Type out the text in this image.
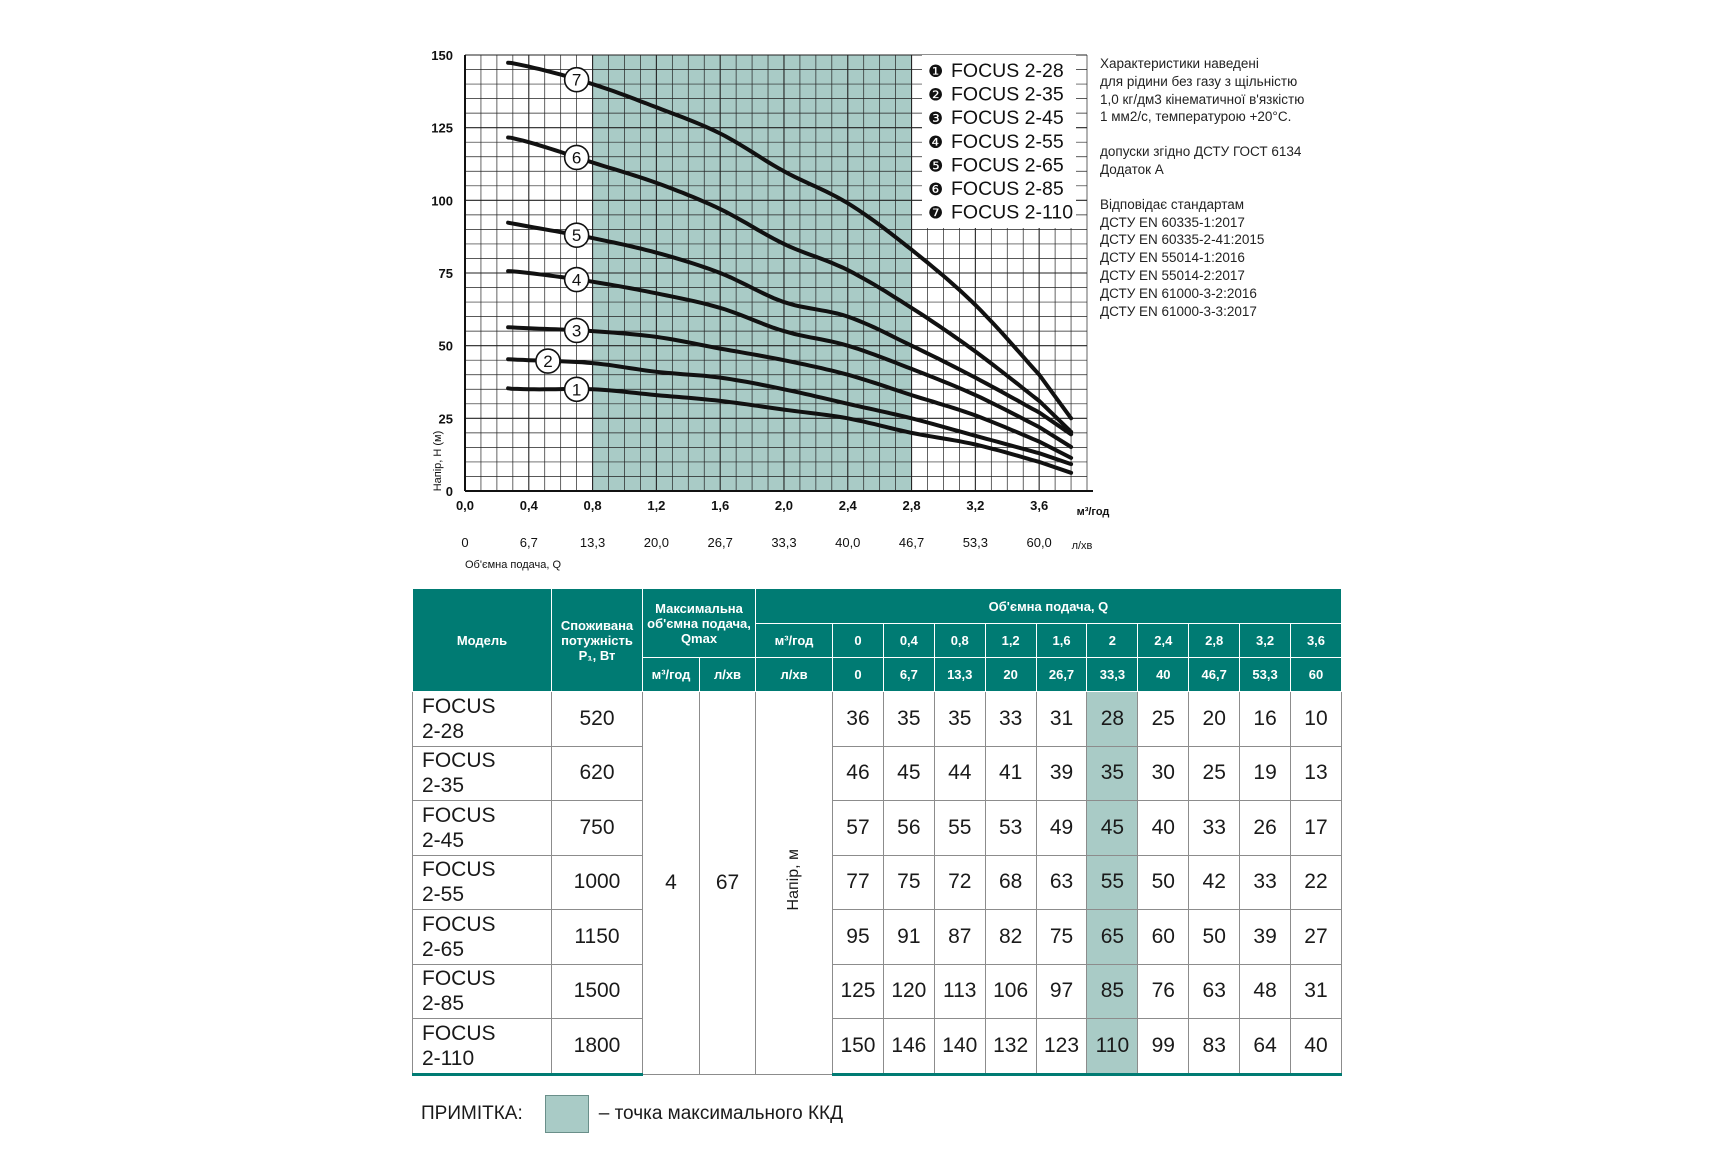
1
2
3
4
5
6
7	❶ FOCUS 2-28
❷ FOCUS 2-35
❸ FOCUS 2-45
❹ FOCUS 2-55
❺ FOCUS 2-65
❻ FOCUS 2-85
❼ FOCUS 2-110
0
25
50
75
100
125
150
Напір, Н (м)
0,0	0,4	0,8	1,2	1,6	2,0	2,4	2,8	3,2	3,6	м³/год
0	6,7	13,3	20,0	26,7	33,3	40,0	46,7	53,3	60,0 л/хв
Об'ємна подача, Q
Характеристики наведені
для рідини без газу з щільністю
1,0 кг/дм3 кінематичної в'язкістю
1 мм2/с, температурою +20°C.
допуски згідно ДСТУ ГОСТ 6134
Додаток А
Відповідає стандартам
ДСТУ EN 60335-1:2017
ДСТУ EN 60335-2-41:2015
ДСТУ EN 55014-1:2016
ДСТУ EN 55014-2:2017
ДСТУ EN 61000-3-2:2016
ДСТУ EN 61000-3-3:2017
Модель	Споживана потужність
Р₁, Вт	Максимальна об'ємна подача, Qmax		Об'ємна подача, Q										
				м³/год	0	0,4	0,8	1,2	1,6	2	2,4	2,8	3,2	3,6
		м³/год	л/хв	л/хв	0	6,7	13,3	20	26,7	33,3	40	46,7	53,3	60
FOCUS
2-28	520	4	67	Напір, м	36	35	35	33	31	28	25	20	16	10
FOCUS
2-35	620				46	45	44	41	39	35	30	25	19	13
FOCUS
2-45	750				57	56	55	53	49	45	40	33	26	17
FOCUS
2-55	1000				77	75	72	68	63	55	50	42	33	22
FOCUS
2-65	1150				95	91	87	82	75	65	60	50	39	27
FOCUS
2-85	1500				125	120	113	106	97	85	76	63	48	31
FOCUS
2-110	1800				150	146	140	132	123	110	99	83	64	40
ПРИМІТКА:	– точка максимального ККД
